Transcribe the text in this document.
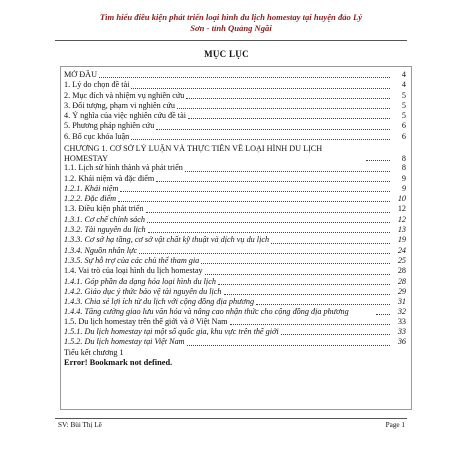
Tìm hiểu điều kiện phát triển loại hình du lịch homestay tại huyện đảo Lý
Sơn - tỉnh Quảng Ngãi
MỤC LỤC
MỞ ĐẦU	4
1. Lý do chọn đề tài	4
2. Mục đích và nhiệm vụ nghiên cứu	5
3. Đối tượng, phạm vi nghiên cứu	5
4. Ý nghĩa của việc nghiên cứu đề tài	5
5. Phương pháp nghiên cứu	6
6. Bố cục khóa luận	6
CHƯƠNG 1. CƠ SỞ LÝ LUẬN VÀ THỰC TIỄN VỀ LOẠI HÌNH DU LỊCH HOMESTAY	8
1.1. Lịch sử hình thành và phát triển	8
1.2. Khái niệm và đặc điểm	9
1.2.1. Khái niệm	9
1.2.2. Đặc điểm	10
1.3. Điều kiện phát triển	12
1.3.1. Cơ chế chính sách	12
1.3.2. Tài nguyên du lịch	13
1.3.3. Cơ sở hạ tầng, cơ sở vật chất kỹ thuật và dịch vụ du lịch	19
1.3.4. Nguồn nhân lực	24
1.3.5. Sự hỗ trợ của các chủ thể tham gia	25
1.4. Vai trò của loại hình du lịch homestay	28
1.4.1. Góp phần đa dạng hóa loại hình du lịch	28
1.4.2. Giáo dục ý thức bảo vệ tài nguyên du lịch	29
1.4.3. Chia sẻ lợi ích từ du lịch với cộng đồng địa phương	31
1.4.4. Tăng cường giao lưu văn hóa và nâng cao nhận thức cho cộng đồng địa phương	32
1.5. Du lịch homestay trên thế giới và ở Việt Nam	33
1.5.1. Du lịch homestay tại một số quốc gia, khu vực trên thế giới	33
1.5.2. Du lịch homestay tại Việt Nam	36
Tiểu kết chương 1
Error! Bookmark not defined.
SV: Bùi Thị Lê	Page 1
